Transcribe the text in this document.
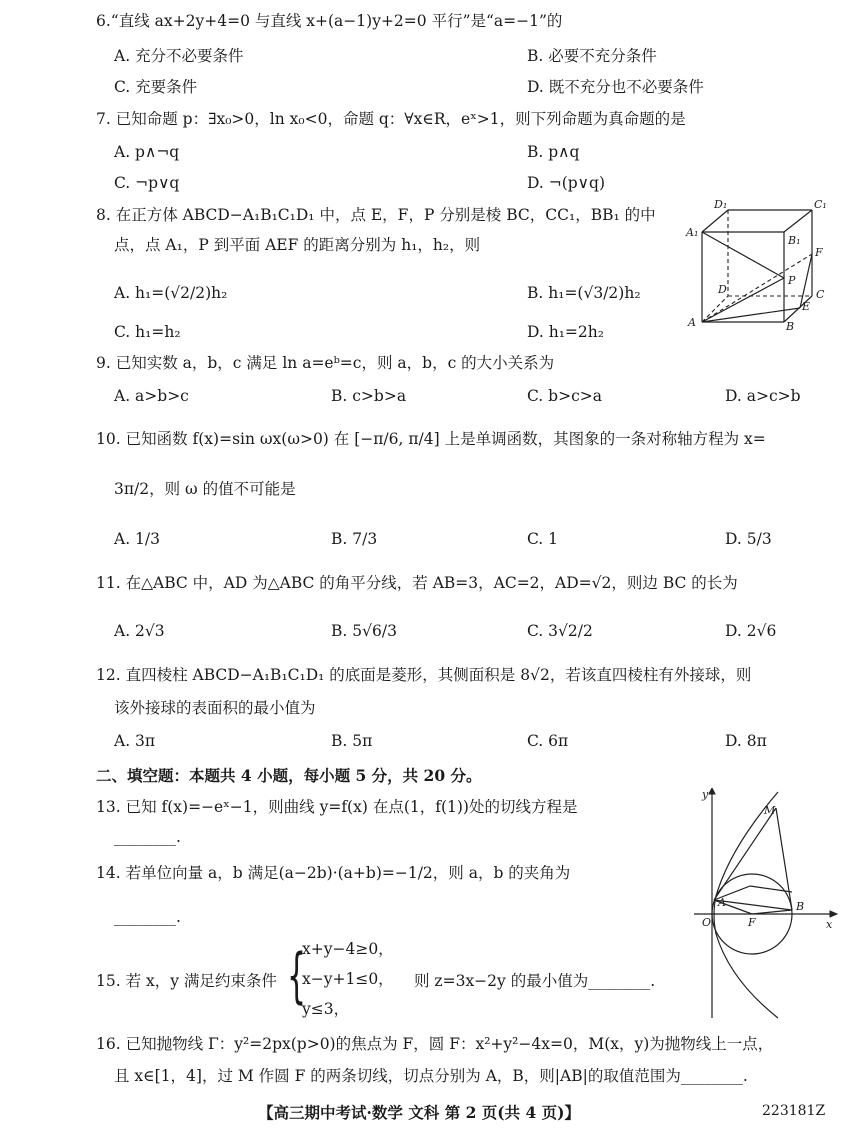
6.“直线 ax+2y+4=0 与直线 x+(a−1)y+2=0 平行”是“a=−1”的
A. 充分不必要条件	B. 必要不充分条件
C. 充要条件	D. 既不充分也不必要条件
7. 已知命题 p：∃x₀>0，ln x₀<0，命题 q：∀x∈R，eˣ>1，则下列命题为真命题的是
A. p∧¬q	B. p∧q
C. ¬p∨q	D. ¬(p∨q)
8. 在正方体 ABCD−A₁B₁C₁D₁ 中，点 E，F，P 分别是棱 BC，CC₁，BB₁ 的中
点，点 A₁，P 到平面 AEF 的距离分别为 h₁，h₂，则
A. h₁=(√2/2)h₂	B. h₁=(√3/2)h₂
C. h₁=h₂	D. h₁=2h₂
D₁	C₁
A₁
B₁
F
D
P
C
E
A	B
9. 已知实数 a，b，c 满足 ln a=eᵇ=c，则 a，b，c 的大小关系为
A. a>b>c	B. c>b>a	C. b>c>a	D. a>c>b
10. 已知函数 f(x)=sin ωx(ω>0) 在 [−π/6, π/4] 上是单调函数，其图象的一条对称轴方程为 x=
3π/2，则 ω 的值不可能是
A. 1/3	B. 7/3	C. 1	D. 5/3
11. 在△ABC 中，AD 为△ABC 的角平分线，若 AB=3，AC=2，AD=√2，则边 BC 的长为
A. 2√3	B. 5√6/3	C. 3√2/2	D. 2√6
12. 直四棱柱 ABCD−A₁B₁C₁D₁ 的底面是菱形，其侧面积是 8√2，若该直四棱柱有外接球，则
该外接球的表面积的最小值为
A. 3π	B. 5π	C. 6π	D. 8π
二、填空题：本题共 4 小题，每小题 5 分，共 20 分。
13. 已知 f(x)=−eˣ−1，则曲线 y=f(x) 在点(1，f(1))处的切线方程是
________.
14. 若单位向量 a，b 满足(a−2b)·(a+b)=−1/2，则 a，b 的夹角为
________.
15. 若 x，y 满足约束条件 {
x+y−4≥0，
x−y+1≤0，
y≤3，
则 z=3x−2y 的最小值为________.
y
M
A	B
O	F	x
16. 已知抛物线 Γ：y²=2px(p>0)的焦点为 F，圆 F：x²+y²−4x=0，M(x，y)为抛物线上一点，
且 x∈[1，4]，过 M 作圆 F 的两条切线，切点分别为 A，B，则|AB|的取值范围为________.
【高三期中考试·数学 文科 第 2 页(共 4 页)】	223181Z
